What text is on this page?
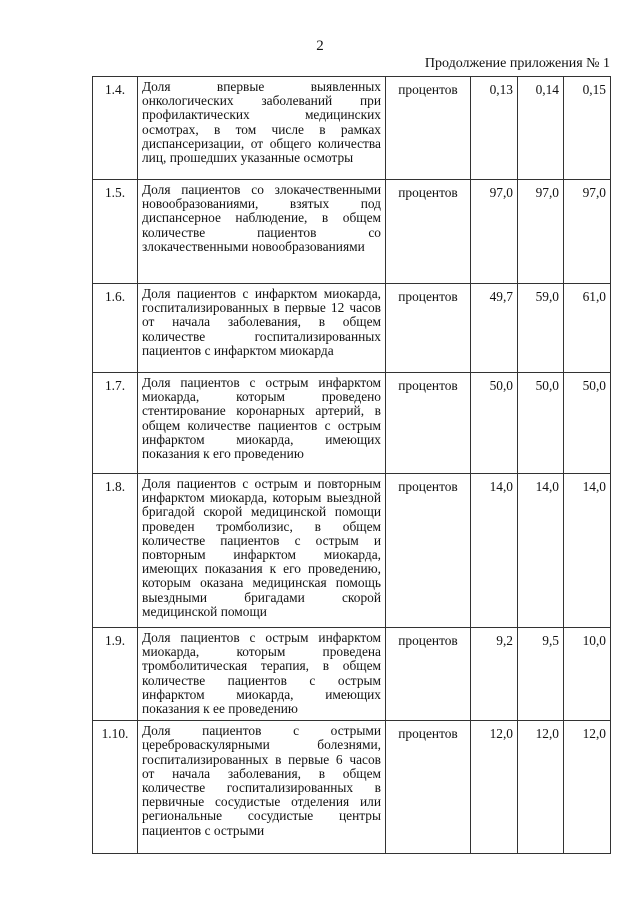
2
Продолжение приложения № 1
1.4.	Доля впервые выявленных онкологических заболеваний при профилактических медицинских осмотрах, в том числе в рамках диспансеризации, от общего количества лиц, прошедших указанные осмотры	процентов	0,13	0,14	0,15
1.5.	Доля пациентов со злокачественными новообразованиями, взятых под диспансерное наблюдение, в общем количестве пациентов со злокачественными новообразованиями	процентов	97,0	97,0	97,0
1.6.	Доля пациентов с инфарктом миокарда, госпитализированных в первые 12 часов от начала заболевания, в общем количестве госпитализированных пациентов с инфарктом миокарда	процентов	49,7	59,0	61,0
1.7.	Доля пациентов с острым инфарктом миокарда, которым проведено стентирование коронарных артерий, в общем количестве пациентов с острым инфарктом миокарда, имеющих показания к его проведению	процентов	50,0	50,0	50,0
1.8.	Доля пациентов с острым и повторным инфарктом миокарда, которым выездной бригадой скорой медицинской помощи проведен тромболизис, в общем количестве пациентов с острым и повторным инфарктом миокарда, имеющих показания к его проведению, которым оказана медицинская помощь выездными бригадами скорой медицинской помощи	процентов	14,0	14,0	14,0
1.9.	Доля пациентов с острым инфарктом миокарда, которым проведена тромболитическая терапия, в общем количестве пациентов с острым инфарктом миокарда, имеющих показания к ее проведению	процентов	9,2	9,5	10,0
1.10.	Доля пациентов с острыми цереброваскулярными болезнями, госпитализированных в первые 6 часов от начала заболевания, в общем количестве госпитализированных в первичные сосудистые отделения или региональные сосудистые центры пациентов с острыми	процентов	12,0	12,0	12,0
